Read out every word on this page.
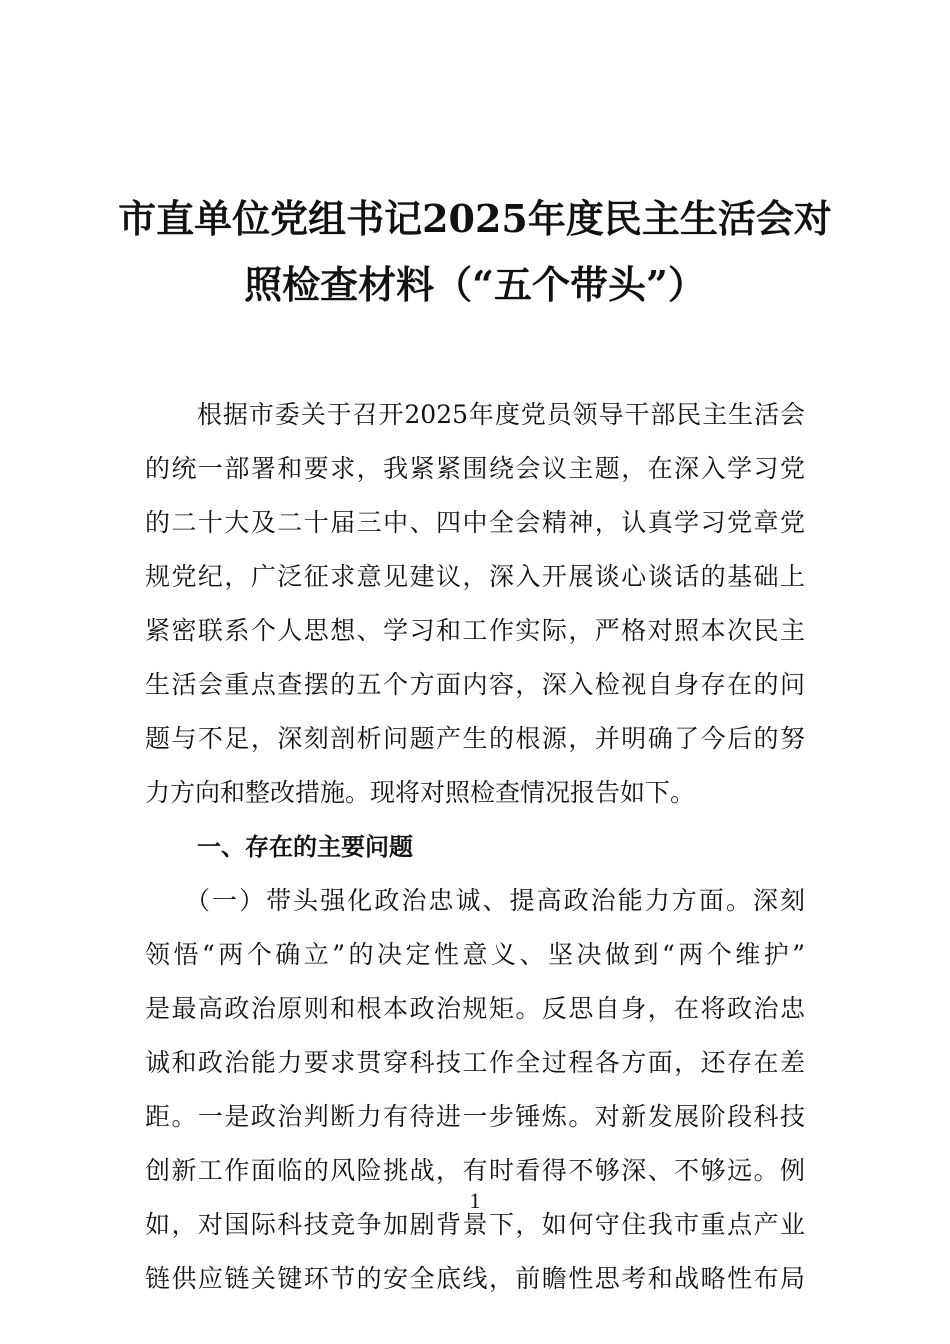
市直单位党组书记2025年度民主生活会对
照检查材料（“五个带头”）
根据市委关于召开2025年度党员领导干部民主生活会
的统一部署和要求，我紧紧围绕会议主题，在深入学习党
的二十大及二十届三中、四中全会精神，认真学习党章党
规党纪，广泛征求意见建议，深入开展谈心谈话的基础上
紧密联系个人思想、学习和工作实际，严格对照本次民主
生活会重点查摆的五个方面内容，深入检视自身存在的问
题与不足，深刻剖析问题产生的根源，并明确了今后的努
力方向和整改措施。现将对照检查情况报告如下。
一、存在的主要问题
（一）带头强化政治忠诚、提高政治能力方面。深刻
领悟“两个确立”的决定性意义、坚决做到“两个维护”
是最高政治原则和根本政治规矩。反思自身，在将政治忠
诚和政治能力要求贯穿科技工作全过程各方面，还存在差
距。一是政治判断力有待进一步锤炼。对新发展阶段科技
创新工作面临的风险挑战，有时看得不够深、不够远。例
如，对国际科技竞争加剧背景下，如何守住我市重点产业
链供应链关键环节的安全底线，前瞻性思考和战略性布局
1
